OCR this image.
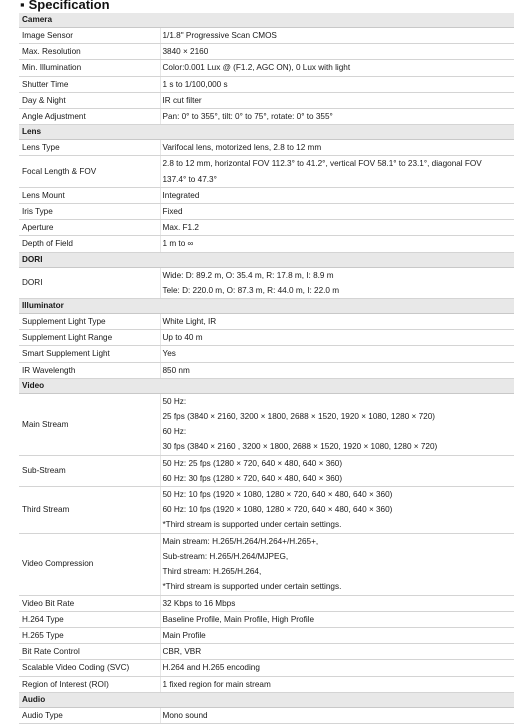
▪ Specification
Camera	
Image Sensor	1/1.8" Progressive Scan CMOS

Max. Resolution	3840 × 2160

Min. Illumination	Color:0.001 Lux @ (F1.2, AGC ON), 0 Lux with light

Shutter Time	1 s to 1/100,000 s

Day & Night	IR cut filter

Angle Adjustment	Pan: 0° to 355°, tilt: 0° to 75°, rotate: 0° to 355°

Lens	
Lens Type	Varifocal lens, motorized lens, 2.8 to 12 mm

Focal Length & FOV	2.8 to 12 mm, horizontal FOV 112.3° to 41.2°, vertical FOV 58.1° to 23.1°, diagonal FOV
137.4° to 47.3°

Lens Mount	Integrated

Iris Type	Fixed

Aperture	Max. F1.2

Depth of Field	1 m to ∞

DORI	
DORI	Wide: D: 89.2 m, O: 35.4 m, R: 17.8 m, I: 8.9 m
Tele: D: 220.0 m, O: 87.3 m, R: 44.0 m, I: 22.0 m

Illuminator	
Supplement Light Type	White Light, IR

Supplement Light Range	Up to 40 m

Smart Supplement Light	Yes

IR Wavelength	850 nm

Video	
Main Stream	50 Hz:
25 fps (3840 × 2160, 3200 × 1800, 2688 × 1520, 1920 × 1080, 1280 × 720)
60 Hz:
30 fps (3840 × 2160 , 3200 × 1800, 2688 × 1520, 1920 × 1080, 1280 × 720)

Sub-Stream	50 Hz: 25 fps (1280 × 720, 640 × 480, 640 × 360)
60 Hz: 30 fps (1280 × 720, 640 × 480, 640 × 360)

Third Stream	50 Hz: 10 fps (1920 × 1080, 1280 × 720, 640 × 480, 640 × 360)
60 Hz: 10 fps (1920 × 1080, 1280 × 720, 640 × 480, 640 × 360)
*Third stream is supported under certain settings.

Video Compression	Main stream: H.265/H.264/H.264+/H.265+,
Sub-stream: H.265/H.264/MJPEG,
Third stream: H.265/H.264,
*Third stream is supported under certain settings.

Video Bit Rate	32 Kbps to 16 Mbps

H.264 Type	Baseline Profile, Main Profile, High Profile

H.265 Type	Main Profile

Bit Rate Control	CBR, VBR

Scalable Video Coding (SVC)	H.264 and H.265 encoding

Region of Interest (ROI)	1 fixed region for main stream

Audio	
Audio Type	Mono sound
